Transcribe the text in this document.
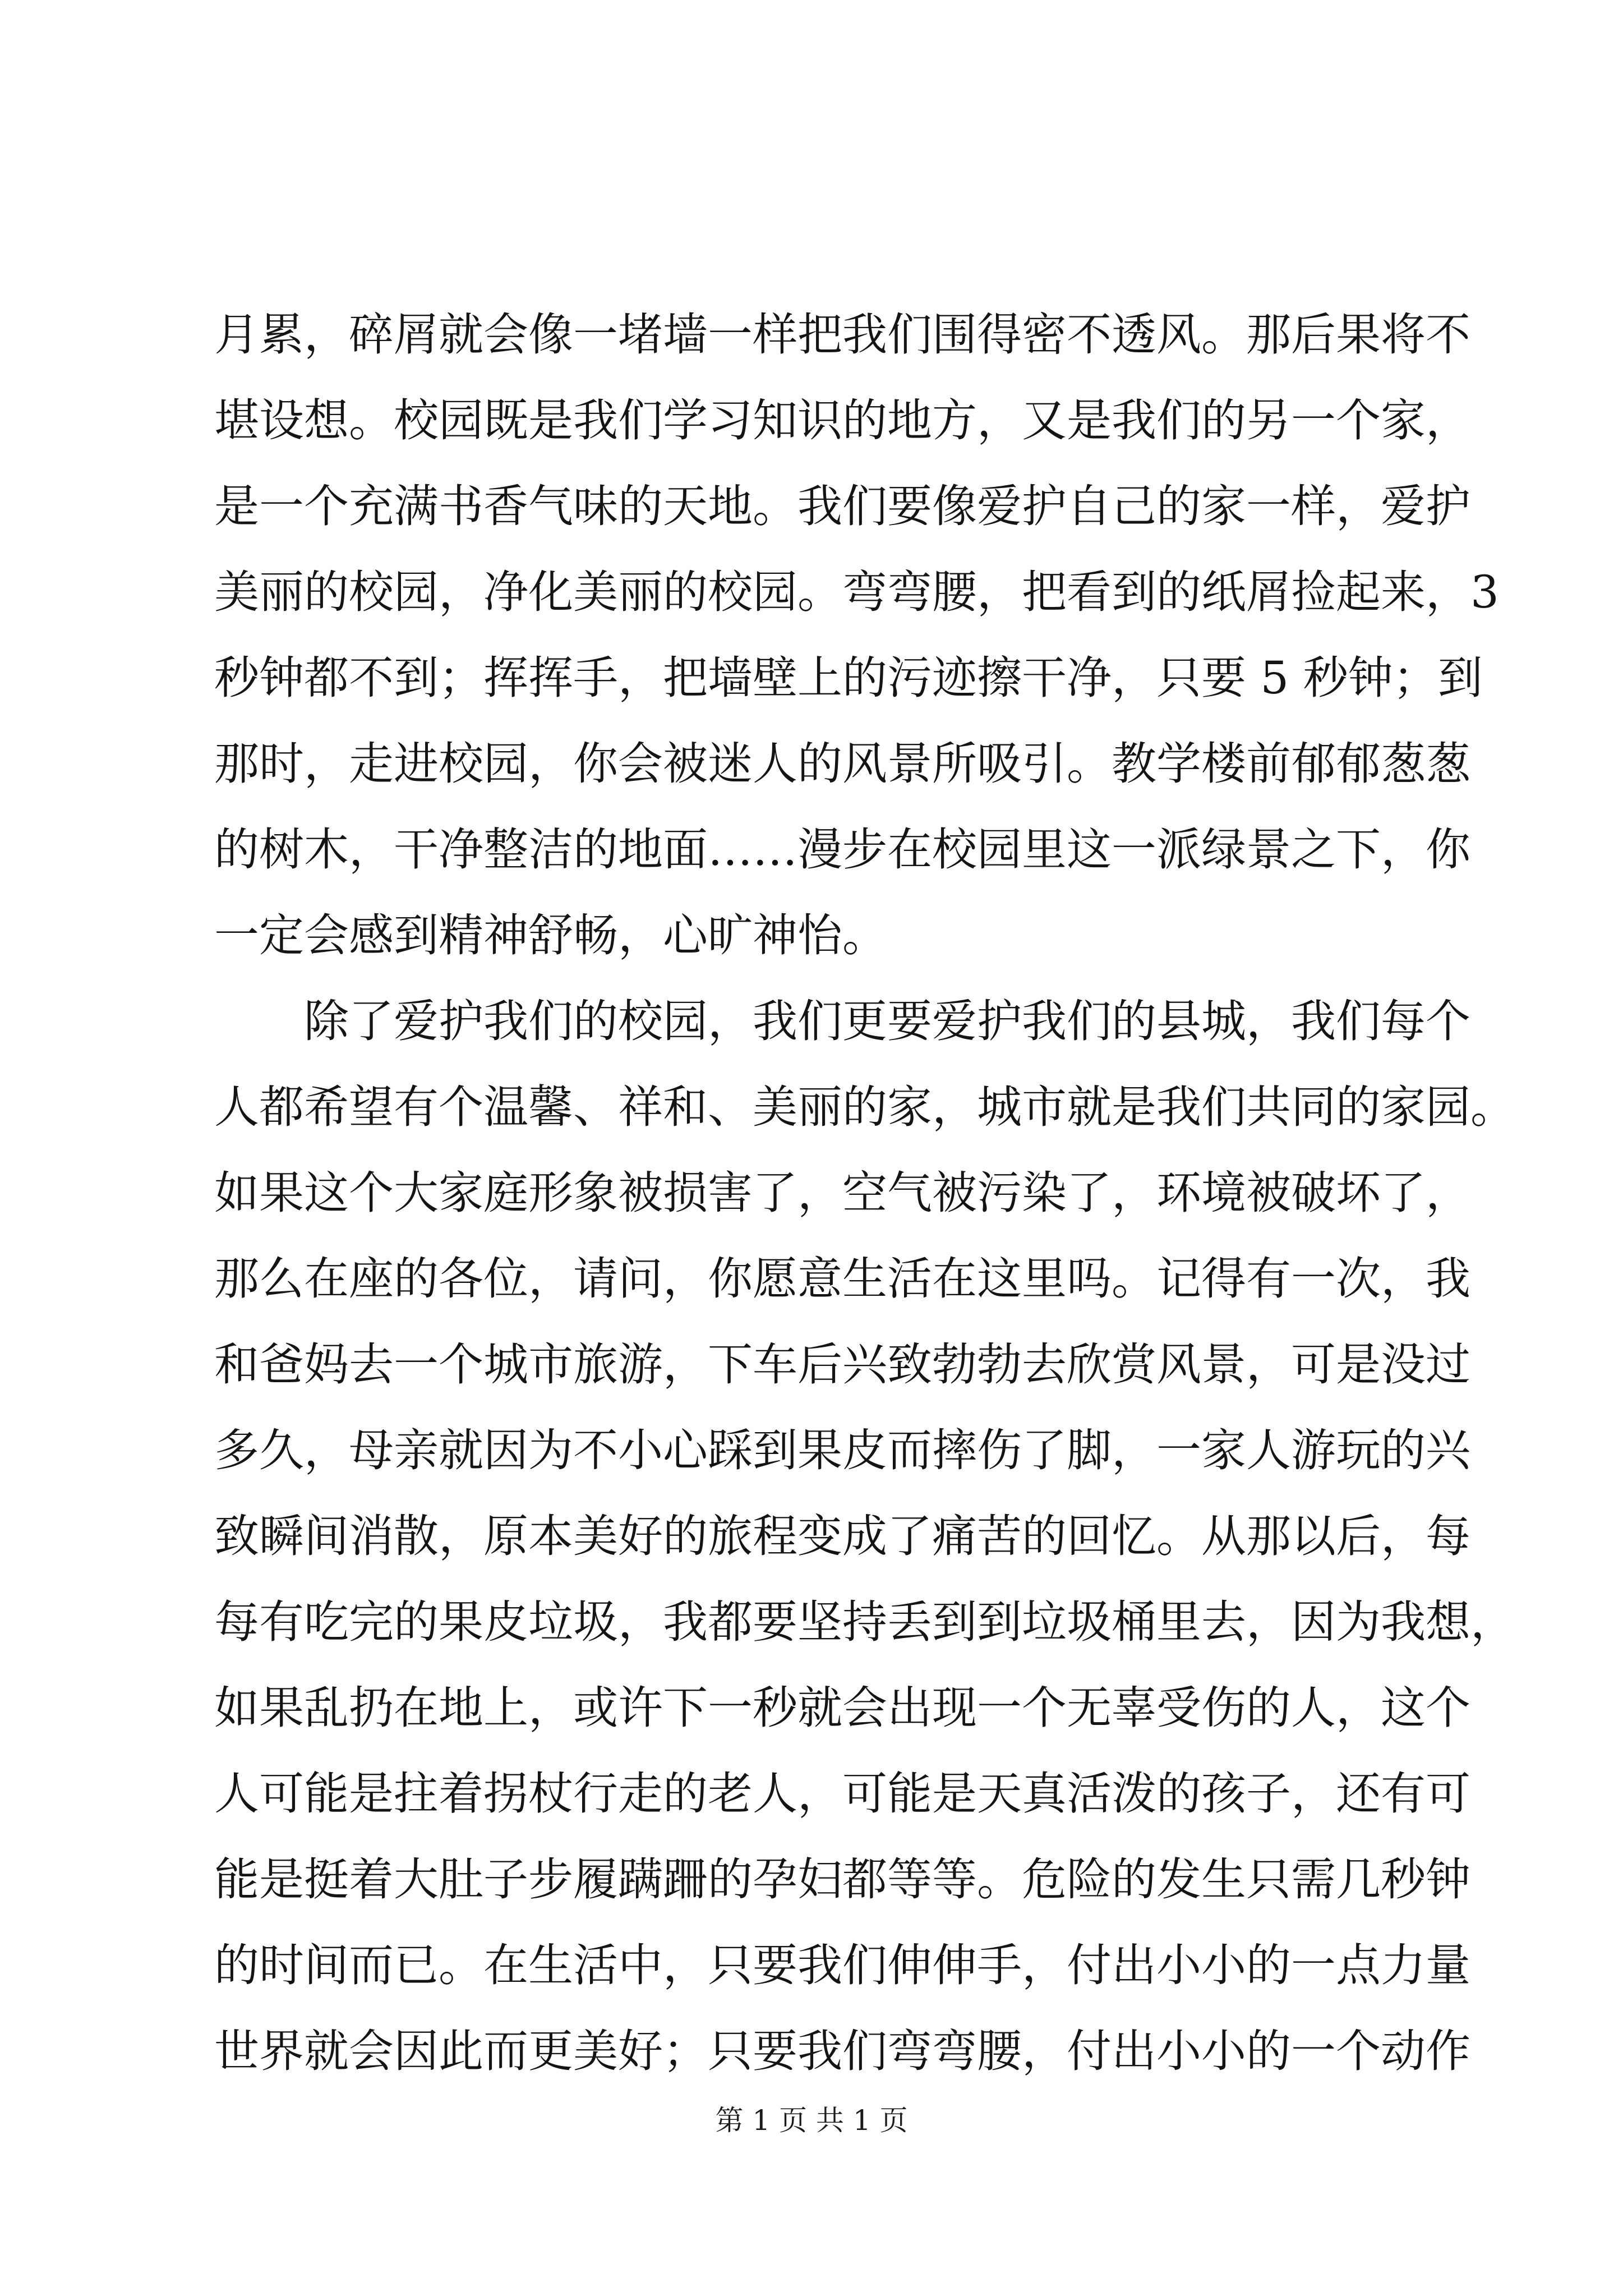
月累，碎屑就会像一堵墙一样把我们围得密不透风。那后果将不
堪设想。校园既是我们学习知识的地方，又是我们的另一个家，
是一个充满书香气味的天地。我们要像爱护自己的家一样，爱护
美丽的校园，净化美丽的校园。弯弯腰，把看到的纸屑捡起来，3
秒钟都不到；挥挥手，把墙壁上的污迹擦干净，只要 5 秒钟；到
那时，走进校园，你会被迷人的风景所吸引。教学楼前郁郁葱葱
的树木，干净整洁的地面……漫步在校园里这一派绿景之下，你
一定会感到精神舒畅，心旷神怡。
　　除了爱护我们的校园，我们更要爱护我们的县城，我们每个
人都希望有个温馨、祥和、美丽的家，城市就是我们共同的家园。
如果这个大家庭形象被损害了，空气被污染了，环境被破坏了，
那么在座的各位，请问，你愿意生活在这里吗。记得有一次，我
和爸妈去一个城市旅游，下车后兴致勃勃去欣赏风景，可是没过
多久，母亲就因为不小心踩到果皮而摔伤了脚，一家人游玩的兴
致瞬间消散，原本美好的旅程变成了痛苦的回忆。从那以后，每
每有吃完的果皮垃圾，我都要坚持丢到到垃圾桶里去，因为我想，
如果乱扔在地上，或许下一秒就会出现一个无辜受伤的人，这个
人可能是拄着拐杖行走的老人，可能是天真活泼的孩子，还有可
能是挺着大肚子步履蹒跚的孕妇都等等。危险的发生只需几秒钟
的时间而已。在生活中，只要我们伸伸手，付出小小的一点力量
世界就会因此而更美好；只要我们弯弯腰，付出小小的一个动作
第 1 页 共 1 页
